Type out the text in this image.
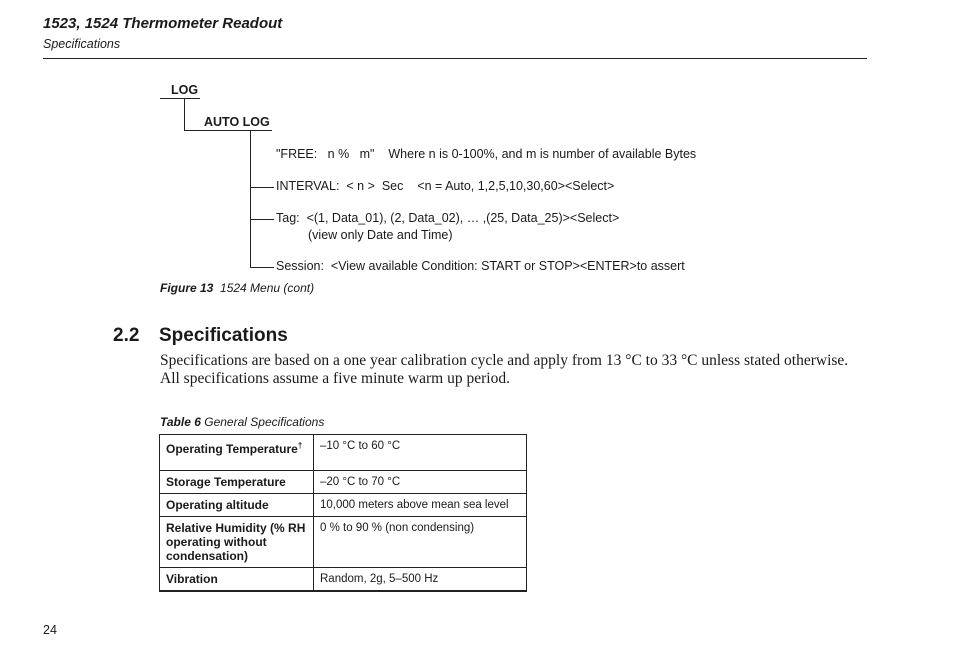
1523, 1524 Thermometer Readout
Specifications
LOG
AUTO LOG
"FREE:   n %   m"    Where n is 0-100%, and m is number of available Bytes
INTERVAL:  < n >  Sec    <n = Auto, 1,2,5,10,30,60><Select>
Tag:  <(1, Data_01), (2, Data_02), … ,(25, Data_25)><Select>
(view only Date and Time)
Session:  <View available Condition: START or STOP><ENTER>to assert
Figure 13 1524 Menu (cont)
2.2 Specifications
Specifications are based on a one year calibration cycle and apply from 13 °C to 33 °C unless stated otherwise. All specifications assume a five minute warm up period.
Table 6 General Specifications
Operating Temperature†	–10 °C to 60 °C
Storage Temperature	–20 °C to 70 °C
Operating altitude	10,000 meters above mean sea level
Relative Humidity (% RH operating without condensation)	0 % to 90 % (non condensing)
Vibration	Random, 2g, 5–500 Hz
24
